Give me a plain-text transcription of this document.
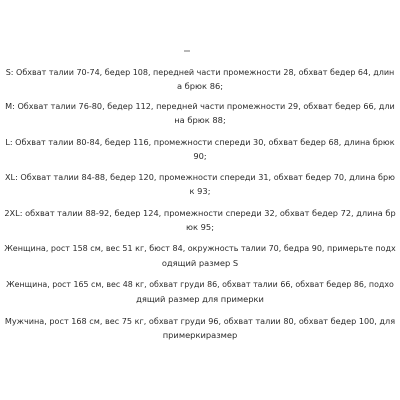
S: Обхват талии 70-74, бедер 108, передней части промежности 28, обхват бедер 64, длин
а брюк 86;
M: Обхват талии 76-80, бедер 112, передней части промежности 29, обхват бедер 66, дли
на брюк 88;
L: Обхват талии 80-84, бедер 116, промежности спереди 30, обхват бедер 68, длина брюк
90;
XL: Обхват талии 84-88, бедер 120, промежности спереди 31, обхват бедер 70, длина брю
к 93;
2XL: обхват талии 88-92, бедер 124, промежности спереди 32, обхват бедер 72, длина бр
юк 95;
Женщина, рост 158 см, вес 51 кг, бюст 84, окружность талии 70, бедра 90, примерьте подх
одящий размер S
Женщина, рост 165 см, вес 48 кг, обхват груди 86, обхват талии 66, обхват бедер 86, подхо
дящий размер для примерки
Мужчина, рост 168 см, вес 75 кг, обхват груди 96, обхват талии 80, обхват бедер 100, для
примеркиразмер
